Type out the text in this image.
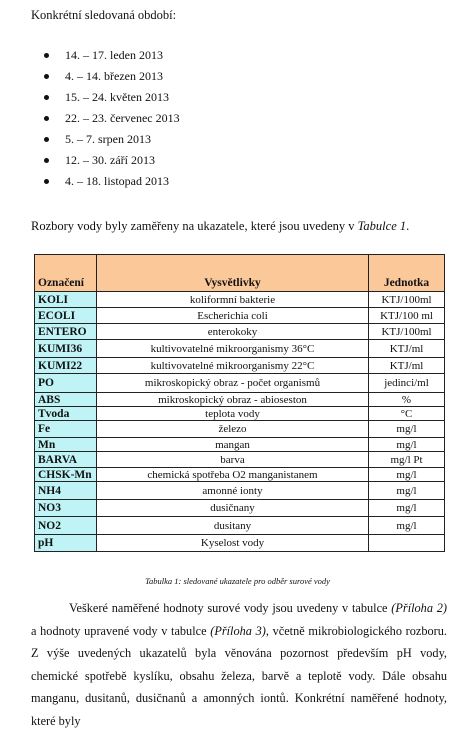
Konkrétní sledovaná období:
14. – 17. leden 2013
4. – 14. březen 2013
15. – 24. květen 2013
22. – 23. červenec 2013
5. – 7. srpen 2013
12. – 30. září 2013
4. – 18. listopad 2013
Rozbory vody byly zaměřeny na ukazatele, které jsou uvedeny v Tabulce 1.
Označení	Vysvětlivky	Jednotka
KOLI	koliformní bakterie	KTJ/100ml
ECOLI	Escherichia coli	KTJ/100 ml
ENTERO	enterokoky	KTJ/100ml
KUMI36	kultivovatelné mikroorganismy 36°C	KTJ/ml
KUMI22	kultivovatelné mikroorganismy 22°C	KTJ/ml
PO	mikroskopický obraz - počet organismů	jedinci/ml
ABS	mikroskopický obraz - abioseston	%
Tvoda	teplota vody	°C
Fe	železo	mg/l
Mn	mangan	mg/l
BARVA	barva	mg/l Pt
CHSK-Mn	chemická spotřeba O2 manganistanem	mg/l
NH4	amonné ionty	mg/l
NO3	dusičnany	mg/l
NO2	dusitany	mg/l
pH	Kyselost vody	
Tabulka 1: sledované ukazatele pro odběr surové vody
Veškeré naměřené hodnoty surové vody jsou uvedeny v tabulce (Příloha 2) a hodnoty upravené vody v tabulce (Příloha 3), včetně mikrobiologického rozboru. Z výše uvedených ukazatelů byla věnována pozornost především pH vody, chemické spotřebě kyslíku, obsahu železa, barvě a teplotě vody. Dále obsahu manganu, dusitanů, dusičnanů a amonných iontů. Konkrétní naměřené hodnoty, které byly
